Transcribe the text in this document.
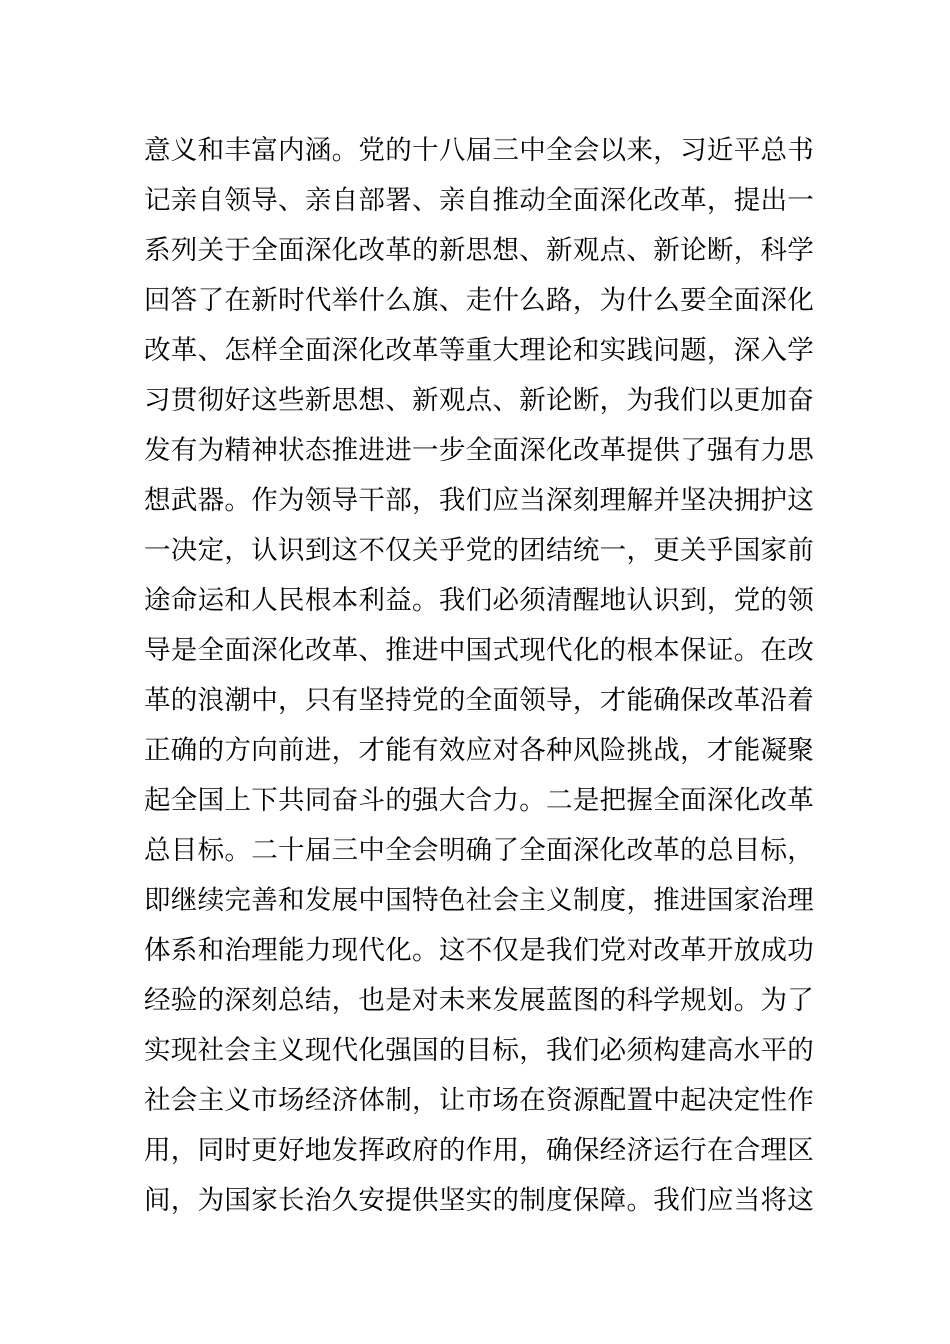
意义和丰富内涵。党的十八届三中全会以来，习近平总书
记亲自领导、亲自部署、亲自推动全面深化改革，提出一
系列关于全面深化改革的新思想、新观点、新论断，科学
回答了在新时代举什么旗、走什么路，为什么要全面深化
改革、怎样全面深化改革等重大理论和实践问题，深入学
习贯彻好这些新思想、新观点、新论断，为我们以更加奋
发有为精神状态推进进一步全面深化改革提供了强有力思
想武器。作为领导干部，我们应当深刻理解并坚决拥护这
一决定，认识到这不仅关乎党的团结统一，更关乎国家前
途命运和人民根本利益。我们必须清醒地认识到，党的领
导是全面深化改革、推进中国式现代化的根本保证。在改
革的浪潮中，只有坚持党的全面领导，才能确保改革沿着
正确的方向前进，才能有效应对各种风险挑战，才能凝聚
起全国上下共同奋斗的强大合力。二是把握全面深化改革
总目标。二十届三中全会明确了全面深化改革的总目标，
即继续完善和发展中国特色社会主义制度，推进国家治理
体系和治理能力现代化。这不仅是我们党对改革开放成功
经验的深刻总结，也是对未来发展蓝图的科学规划。为了
实现社会主义现代化强国的目标，我们必须构建高水平的
社会主义市场经济体制，让市场在资源配置中起决定性作
用，同时更好地发挥政府的作用，确保经济运行在合理区
间，为国家长治久安提供坚实的制度保障。我们应当将这
